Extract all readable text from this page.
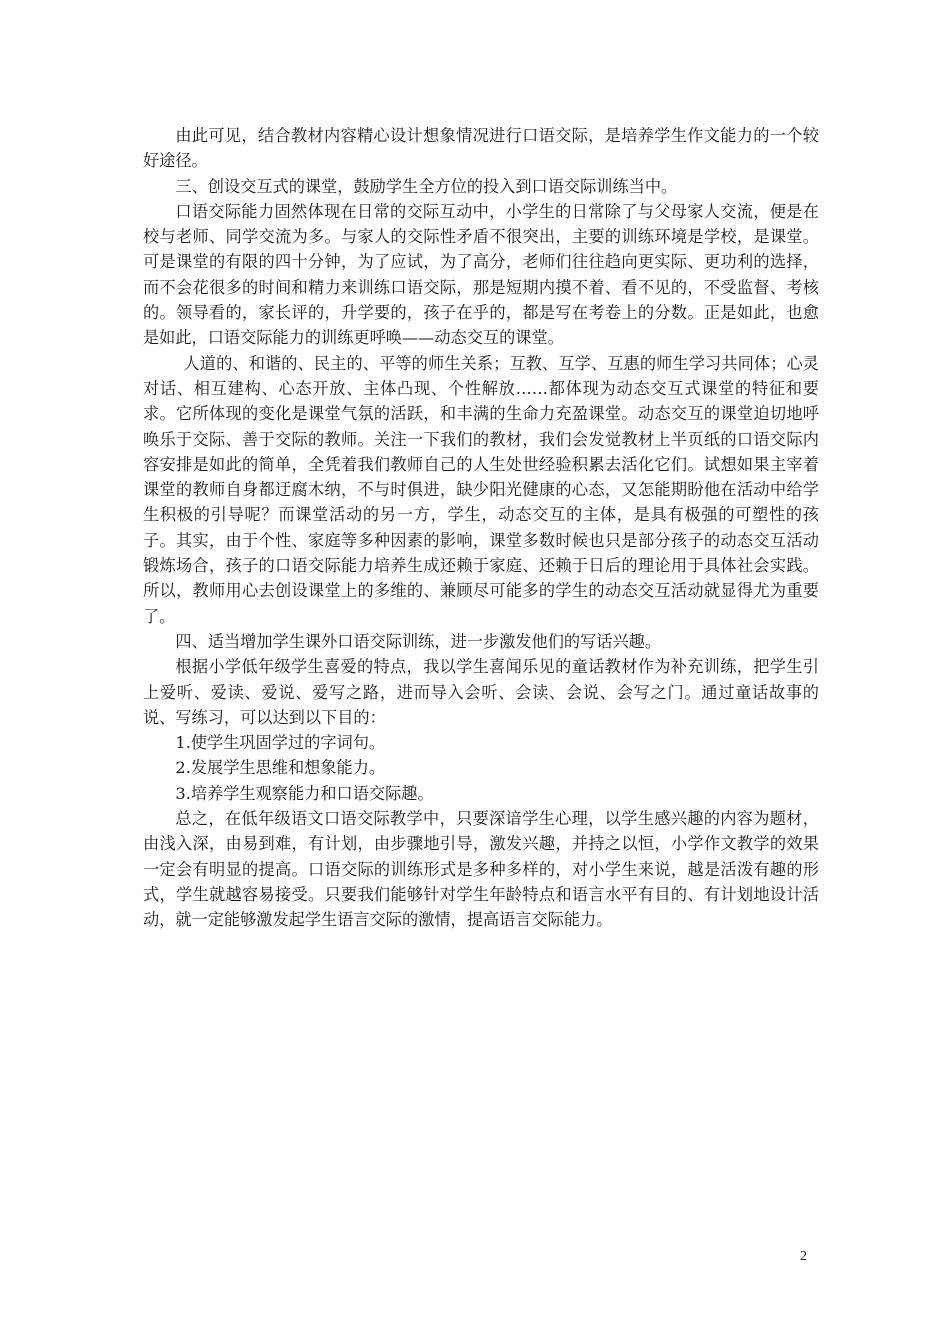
由此可见，结合教材内容精心设计想象情况进行口语交际，是培养学生作文能力的一个较好途径。

三、创设交互式的课堂，鼓励学生全方位的投入到口语交际训练当中。

口语交际能力固然体现在日常的交际互动中，小学生的日常除了与父母家人交流，便是在校与老师、同学交流为多。与家人的交际性矛盾不很突出，主要的训练环境是学校，是课堂。可是课堂的有限的四十分钟，为了应试，为了高分，老师们往往趋向更实际、更功利的选择，而不会花很多的时间和精力来训练口语交际，那是短期内摸不着、看不见的，不受监督、考核的。领导看的，家长评的，升学要的，孩子在乎的，都是写在考卷上的分数。正是如此，也愈是如此，口语交际能力的训练更呼唤——动态交互的课堂。

人道的、和谐的、民主的、平等的师生关系；互教、互学、互惠的师生学习共同体；心灵对话、相互建构、心态开放、主体凸现、个性解放……都体现为动态交互式课堂的特征和要求。它所体现的变化是课堂气氛的活跃，和丰满的生命力充盈课堂。动态交互的课堂迫切地呼唤乐于交际、善于交际的教师。关注一下我们的教材，我们会发觉教材上半页纸的口语交际内容安排是如此的简单，全凭着我们教师自己的人生处世经验积累去活化它们。试想如果主宰着课堂的教师自身都迂腐木纳，不与时俱进，缺少阳光健康的心态，又怎能期盼他在活动中给学生积极的引导呢？而课堂活动的另一方，学生，动态交互的主体，是具有极强的可塑性的孩子。其实，由于个性、家庭等多种因素的影响，课堂多数时候也只是部分孩子的动态交互活动锻炼场合，孩子的口语交际能力培养生成还赖于家庭、还赖于日后的理论用于具体社会实践。所以，教师用心去创设课堂上的多维的、兼顾尽可能多的学生的动态交互活动就显得尤为重要了。

四、适当增加学生课外口语交际训练，进一步激发他们的写话兴趣。

根据小学低年级学生喜爱的特点，我以学生喜闻乐见的童话教材作为补充训练，把学生引上爱听、爱读、爱说、爱写之路，进而导入会听、会读、会说、会写之门。通过童话故事的说、写练习，可以达到以下目的：

1.使学生巩固学过的字词句。

2.发展学生思维和想象能力。

3.培养学生观察能力和口语交际趣。

总之，在低年级语文口语交际教学中，只要深谙学生心理，以学生感兴趣的内容为题材，由浅入深，由易到难，有计划，由步骤地引导，激发兴趣，并持之以恒，小学作文教学的效果一定会有明显的提高。口语交际的训练形式是多种多样的，对小学生来说，越是活泼有趣的形式，学生就越容易接受。只要我们能够针对学生年龄特点和语言水平有目的、有计划地设计活动，就一定能够激发起学生语言交际的激情，提高语言交际能力。

2
